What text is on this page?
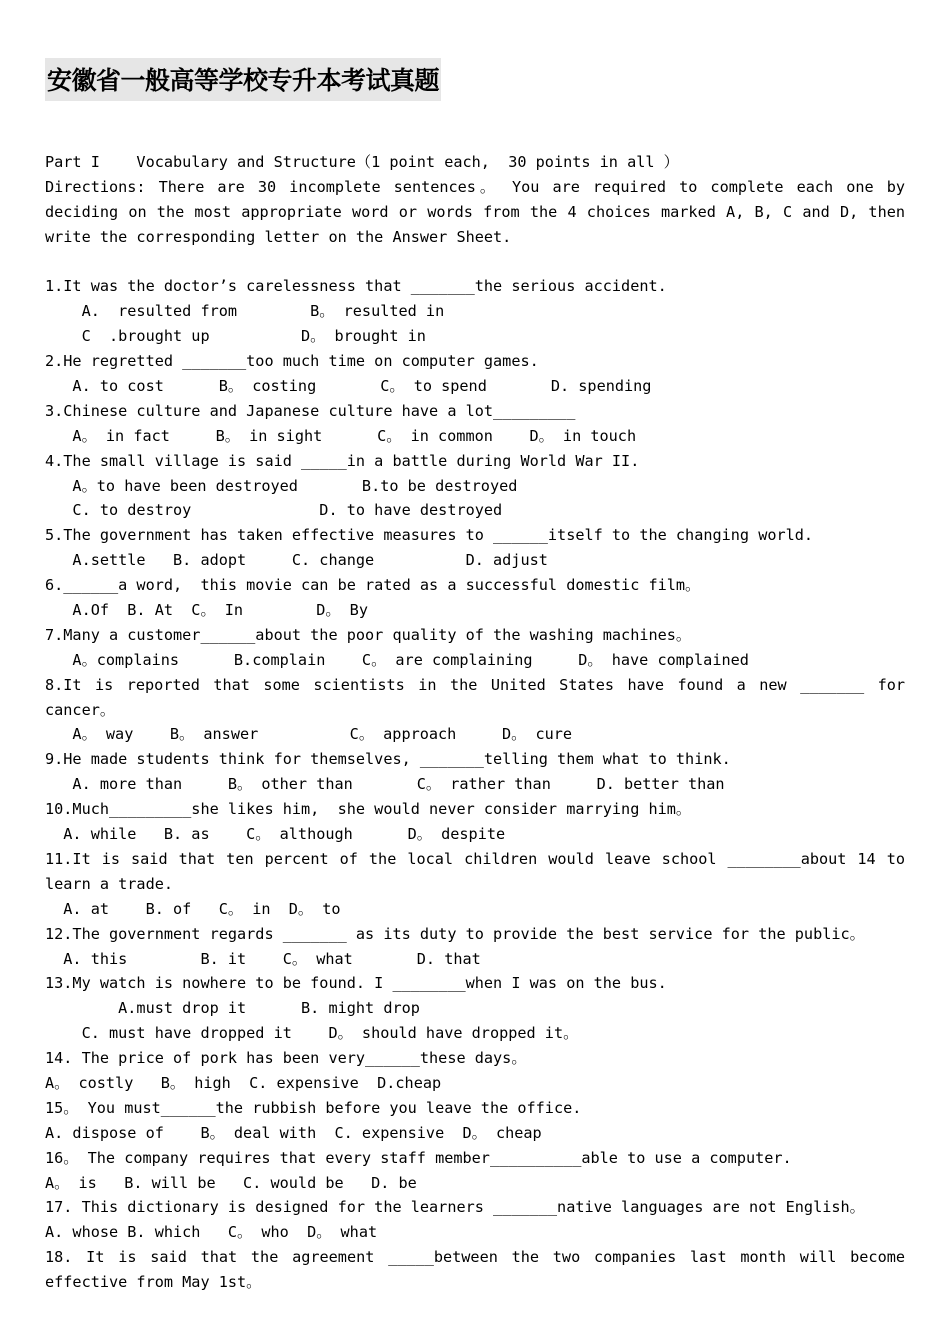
安徽省一般高等学校专升本考试真题
Part I    Vocabulary and Structure（1 point each,  30 points in all ）
Directions: There are 30 incomplete sentences。 You are required to complete each one by
deciding on the most appropriate word or words from the 4 choices marked A, B, C and D, then
write the corresponding letter on the Answer Sheet.
1.It was the doctor’s carelessness that _______the serious accident.
A.  resulted from        B。 resulted in
C  .brought up          D。 brought in
2.He regretted _______too much time on computer games.
A. to cost      B。 costing       C。 to spend       D. spending
3.Chinese culture and Japanese culture have a lot_________
A。 in fact     B。 in sight      C。 in common    D。 in touch
4.The small village is said _____in a battle during World War II.
A。to have been destroyed       B.to be destroyed
C. to destroy              D. to have destroyed
5.The government has taken effective measures to ______itself to the changing world.
A.settle   B. adopt     C. change          D. adjust
6.______a word,  this movie can be rated as a successful domestic film。
A.Of  B. At  C。 In        D。 By
7.Many a customer______about the poor quality of the washing machines。
A。complains      B.complain    C。 are complaining     D。 have complained
8.It is reported that some scientists in the United States have found a new _______ for
cancer。
A。 way    B。 answer          C。 approach     D。 cure
9.He made students think for themselves, _______telling them what to think.
A. more than     B。 other than       C。 rather than     D. better than
10.Much_________she likes him,  she would never consider marrying him。
A. while   B. as    C。 although      D。 despite
11.It is said that ten percent of the local children would leave school ________about 14 to
learn a trade.
A. at    B. of   C。 in  D。 to
12.The government regards _______ as its duty to provide the best service for the public。
A. this        B. it    C。 what       D. that
13.My watch is nowhere to be found. I ________when I was on the bus.
A.must drop it      B. might drop
C. must have dropped it    D。 should have dropped it。
14. The price of pork has been very______these days。
A。 costly   B。 high  C. expensive  D.cheap
15。 You must______the rubbish before you leave the office.
A. dispose of    B。 deal with  C. expensive  D。 cheap
16。 The company requires that every staff member__________able to use a computer.
A。 is   B. will be   C. would be   D. be
17. This dictionary is designed for the learners _______native languages are not English。
A. whose B. which   C。 who  D。 what
18. It is said that the agreement _____between the two companies last month will become
effective from May 1st。
